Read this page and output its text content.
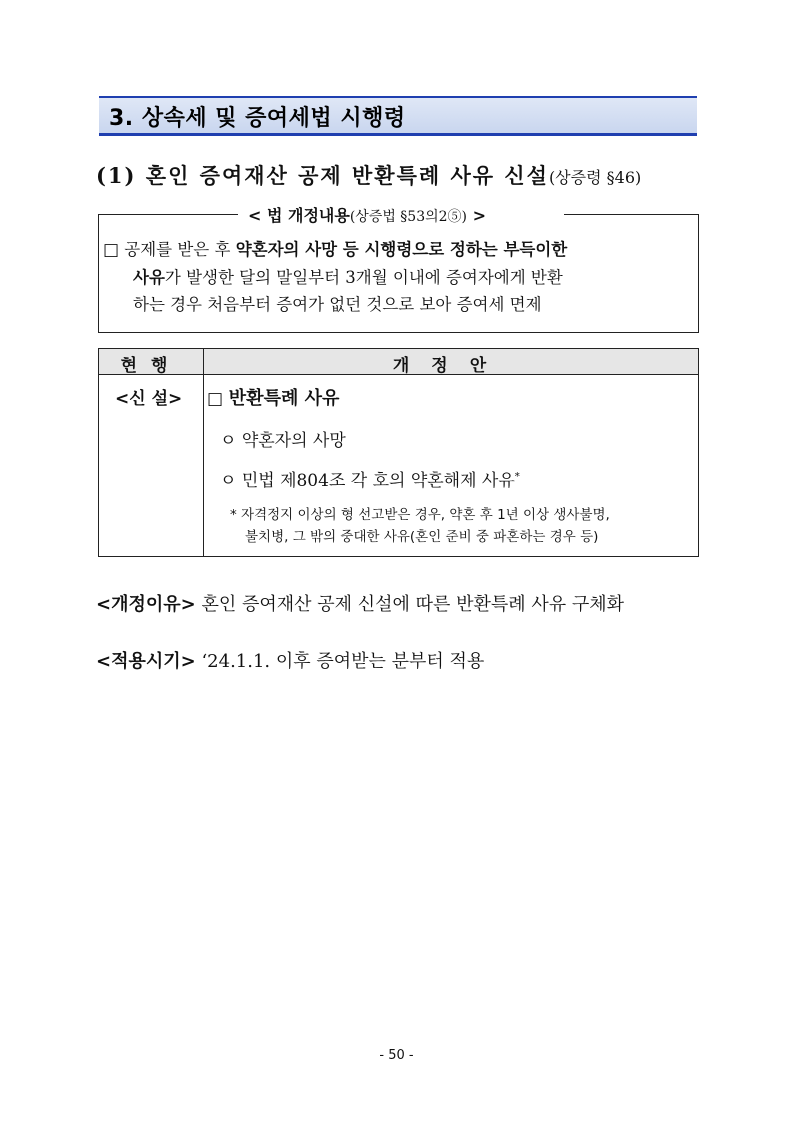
3. 상속세 및 증여세법 시행령
(1) 혼인 증여재산 공제 반환특례 사유 신설(상증령 §46)
< 법 개정내용(상증법 §53의2⑤) >
□ 공제를 받은 후 약혼자의 사망 등 시행령으로 정하는 부득이한
사유가 발생한 달의 말일부터 3개월 이내에 증여자에게 반환
하는 경우 처음부터 증여가 없던 것으로 보아 증여세 면제
현행	개정안
<신 설> □ 반환특례 사유
ㅇ 약혼자의 사망
ㅇ 민법 제804조 각 호의 약혼해제 사유*
* 자격정지 이상의 형 선고받은 경우, 약혼 후 1년 이상 생사불명,
불치병, 그 밖의 중대한 사유(혼인 준비 중 파혼하는 경우 등)
<개정이유> 혼인 증여재산 공제 신설에 따른 반환특례 사유 구체화
<적용시기> ‘24.1.1. 이후 증여받는 분부터 적용
- 50 -
